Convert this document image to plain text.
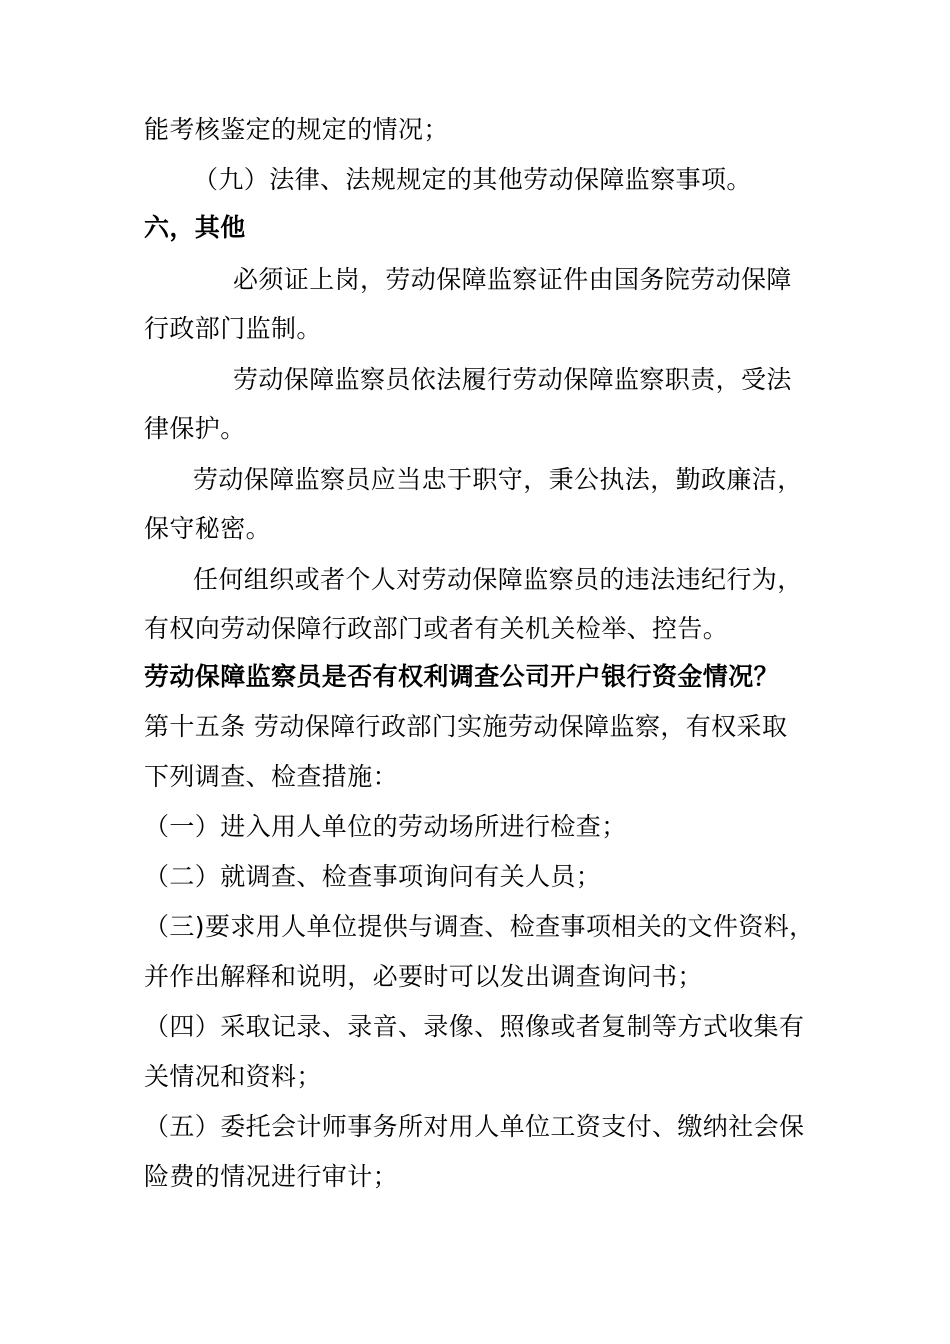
能考核鉴定的规定的情况；
（九）法律、法规规定的其他劳动保障监察事项。
六，其他
必须证上岗，劳动保障监察证件由国务院劳动保障
行政部门监制。
劳动保障监察员依法履行劳动保障监察职责，受法
律保护。
劳动保障监察员应当忠于职守，秉公执法，勤政廉洁，
保守秘密。
任何组织或者个人对劳动保障监察员的违法违纪行为，
有权向劳动保障行政部门或者有关机关检举、控告。
劳动保障监察员是否有权利调查公司开户银行资金情况？
第十五条 劳动保障行政部门实施劳动保障监察，有权采取
下列调查、检查措施：
（一）进入用人单位的劳动场所进行检查；
（二）就调查、检查事项询问有关人员；
（三)要求用人单位提供与调查、检查事项相关的文件资料，
并作出解释和说明，必要时可以发出调查询问书；
（四）采取记录、录音、录像、照像或者复制等方式收集有
关情况和资料；
（五）委托会计师事务所对用人单位工资支付、缴纳社会保
险费的情况进行审计；
